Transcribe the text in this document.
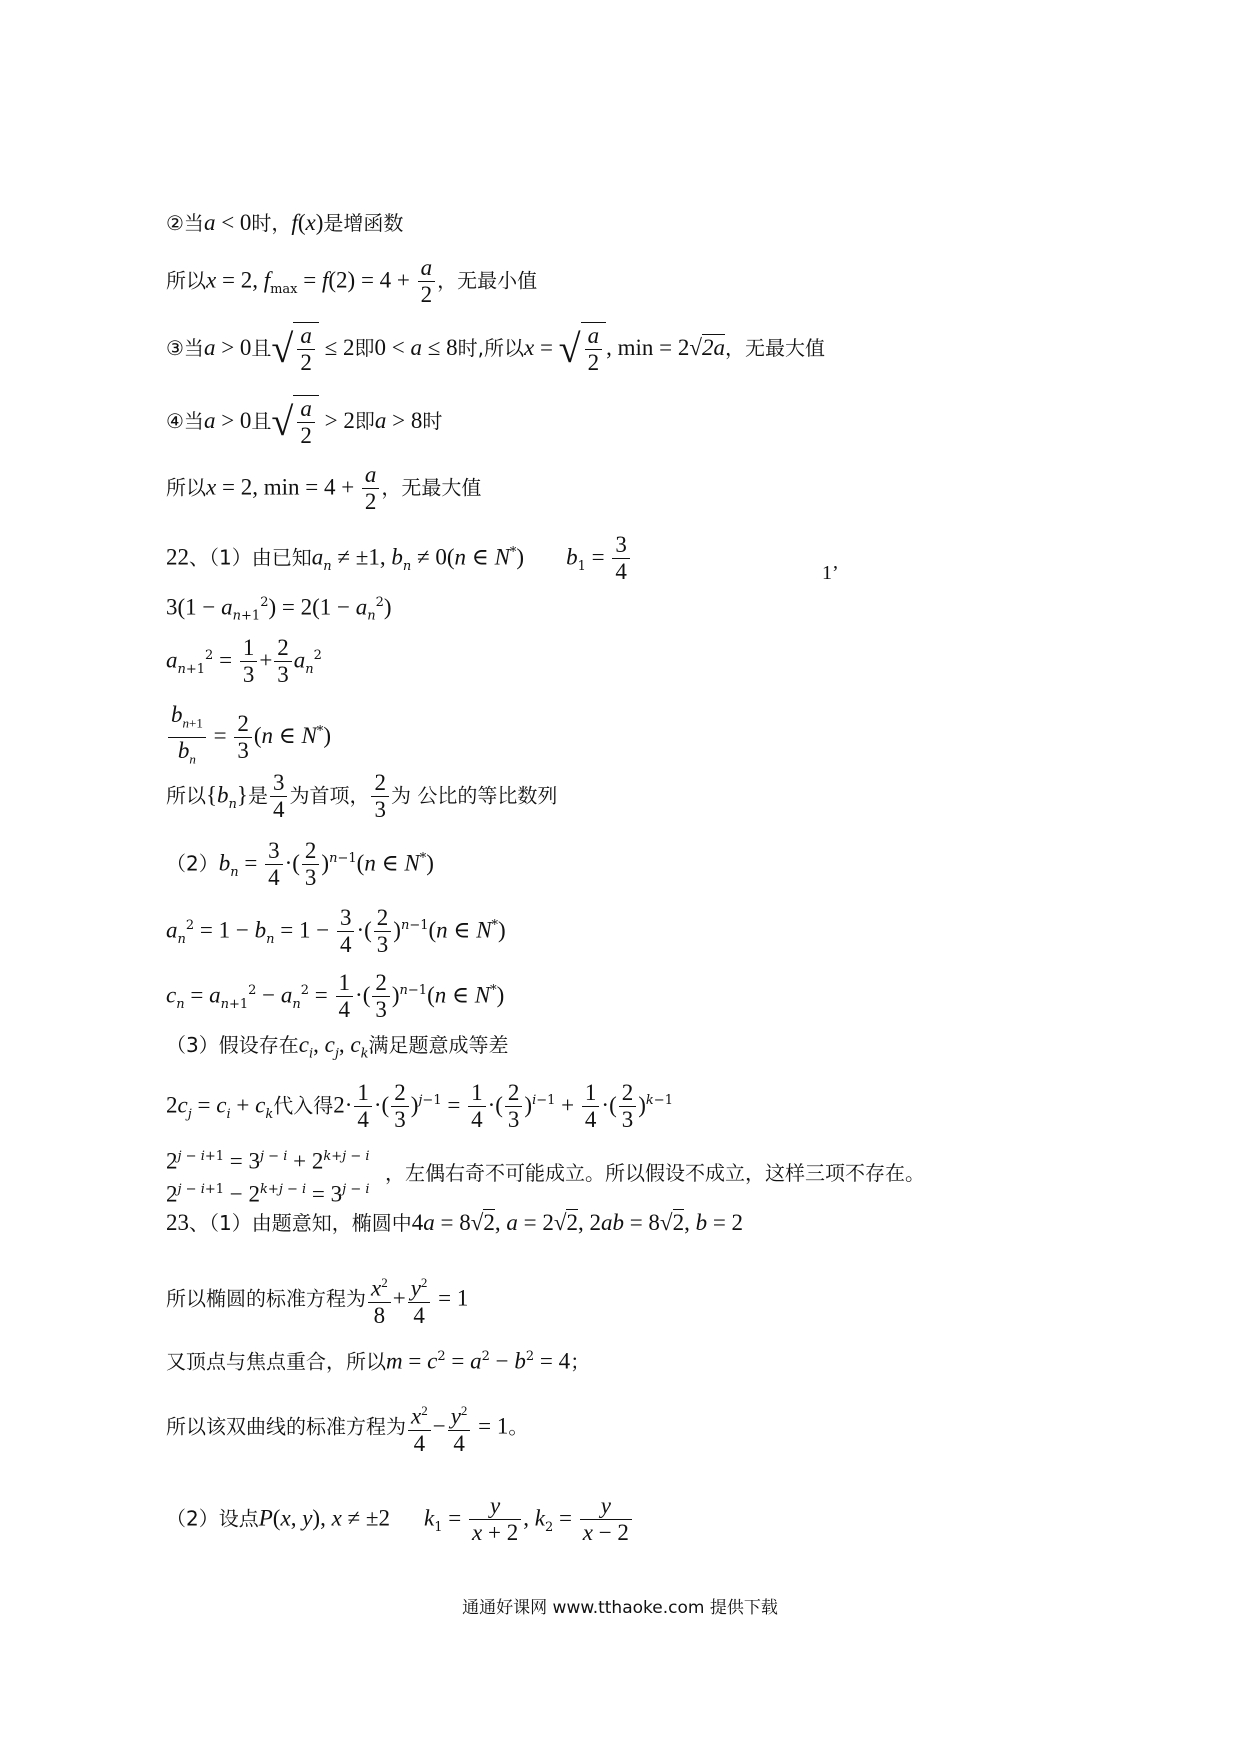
②当a < 0时，f(x)是增函数
所以x = 2, $f_{max} = f(2) = 4 + \frac{a}{2}$ ，无最小值
③当a > 0且√ $\frac{a}{2} \le 2$即0 < a ≤ 8时,所以x = √ $\frac{a}{2}$ , min = 2√2a，无最大值
④当a > 0且√ $\frac{a}{2} > 2$即a > 8时
所以x = 2, $\min = 4 + \frac{a}{2}$ ，无最大值
22、（1）由已知$a_n \ne \pm 1$, $b_n \ne 0(n$ ∈ N*) $b_1 = \frac{3}{4}$	1’
$3(1 - a_{n+1}^2) = 2(1 - a_n^2)$
$a_{n+1}^2 = \frac{1}{3} + \frac{2}{3} a_n^2$
$\frac{b_{n+1}}{b_n} = \frac{2}{3} (n$ ∈ N*)
所以$\{b_n\}$是 $\frac{3}{4}$ 为首项， $\frac{2}{3}$ 为 公比的等比数列
$(2)b_n = \frac{3}{4}$ ·( $\frac{2}{3} )^{n-1}(n$ ∈ N*)
$a_n^2 = 1 - b_n = 1 - \frac{3}{4}$ ·( $\frac{2}{3} )^{n-1}(n$ ∈ N*)
$c_n = a_{n+1}^2 - a_n^2 = \frac{1}{4}$ ·( $\frac{2}{3} )^{n-1}(n$ ∈ N*)
（3）假设存在$c_i$, $c_j$, $c_k$满足题意成等差
$2c_j = c_i + c_k$代入得$2\cdot \frac{1}{4}$ ·( $\frac{2}{3} )^{j-1} = \frac{1}{4}$ ·( $\frac{2}{3} )^{i-1} + \frac{1}{4}$ ·( $\frac{2}{3} )^{k-1}$
$2^{j - i+1} = 3^{j - i} + 2^{k+j - i}$
，左偶右奇不可能成立。所以假设不成立，这样三项不存在。
$2^{j - i+1} - 2^{k+j - i} = 3^{j - i}$
23、（1）由题意知，椭圆中4a = 8√2, a = 2√2, 2ab = 8√2, b = 2
所以椭圆的标准方程为 $\frac{x^2}{8} + \frac{y^2}{4} = 1$
又顶点与焦点重合，所以$m = c^2 = a^2 - b^2 = 4$；
所以该双曲线的标准方程为 $\frac{x^2}{4} - \frac{y^2}{4} = 1$。
（2）设点P(x, y), x ≠ ±2 $k_1 = \frac{y}{x + 2}$ , $k_2 = \frac{y}{x - 2}$
通通好课网 www.tthaoke.com 提供下载
